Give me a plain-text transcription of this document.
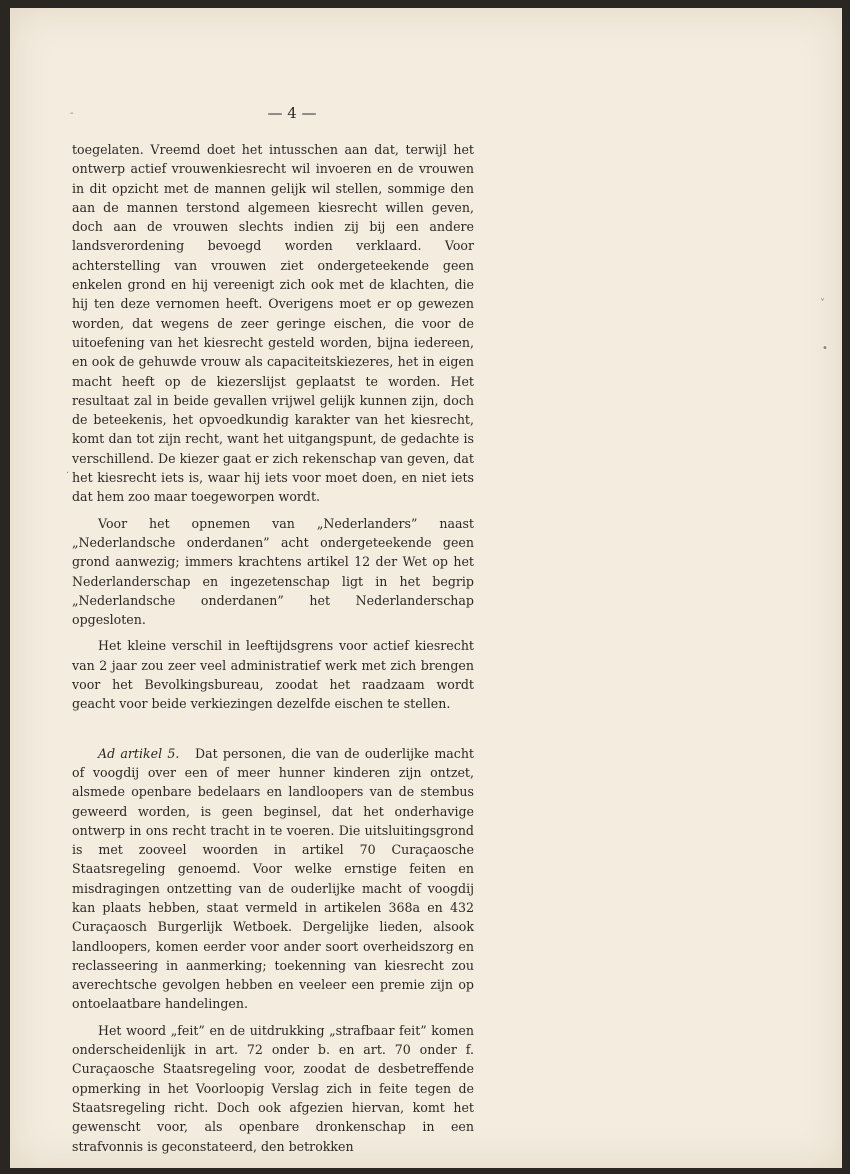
— 4 —
-
˅
•
·

toegelaten. Vreemd doet het intusschen aan dat, terwijl het ontwerp actief vrouwenkiesrecht wil invoeren en de vrouwen in dit opzicht met de mannen gelijk wil stellen, sommige den aan de mannen terstond algemeen kiesrecht willen geven, doch aan de vrouwen slechts indien zij bij een andere landsverordening bevoegd worden verklaard. Voor achterstelling van vrouwen ziet ondergeteekende geen enkelen grond en hij vereenigt zich ook met de klachten, die hij ten deze vernomen heeft. Overigens moet er op gewezen worden, dat wegens de zeer geringe eischen, die voor de uitoefening van het kiesrecht gesteld worden, bijna iedereen, en ook de gehuwde vrouw als capaciteitskiezeres, het in eigen macht heeft op de kiezerslijst geplaatst te worden. Het resultaat zal in beide gevallen vrijwel gelijk kunnen zijn, doch de beteekenis, het opvoedkundig karakter van het kiesrecht, komt dan tot zijn recht, want het uitgangspunt, de gedachte is verschillend. De kiezer gaat er zich rekenschap van geven, dat het kiesrecht iets is, waar hij iets voor moet doen, en niet iets dat hem zoo maar toegeworpen wordt.

Voor het opnemen van „Nederlanders” naast „Nederlandsche onderdanen” acht ondergeteekende geen grond aanwezig; immers krachtens artikel 12 der Wet op het Nederlanderschap en ingezetenschap ligt in het begrip „Nederlandsche onderdanen” het Nederlanderschap opgesloten.

Het kleine verschil in leeftijdsgrens voor actief kiesrecht van 2 jaar zou zeer veel administratief werk met zich brengen voor het Bevolkingsbureau, zoodat het raadzaam wordt geacht voor beide verkiezingen dezelfde eischen te stellen.

Ad artikel 5. Dat personen, die van de ouderlijke macht of voogdij over een of meer hunner kinderen zijn ontzet, alsmede openbare bedelaars en landloopers van de stembus geweerd worden, is geen beginsel, dat het onderhavige ontwerp in ons recht tracht in te voeren. Die uitsluitingsgrond is met zooveel woorden in artikel 70 Curaçaosche Staatsregeling genoemd. Voor welke ernstige feiten en misdragingen ontzetting van de ouderlijke macht of voogdij kan plaats hebben, staat vermeld in artikelen 368a en 432 Curaçaosch Burgerlijk Wetboek. Dergelijke lieden, alsook landloopers, komen eerder voor ander soort overheidszorg en reclasseering in aanmerking; toekenning van kiesrecht zou averechtsche gevolgen hebben en veeleer een premie zijn op ontoelaatbare handelingen.

Het woord „feit” en de uitdrukking „strafbaar feit” komen onderscheidenlijk in art. 72 onder b. en art. 70 onder f. Curaçaosche Staatsregeling voor, zoodat de desbetreffende opmerking in het Voorloopig Verslag zich in feite tegen de Staatsregeling richt. Doch ook afgezien hiervan, komt het gewenscht voor, als openbare dronkenschap in een strafvonnis is geconstateerd, den betrokken
